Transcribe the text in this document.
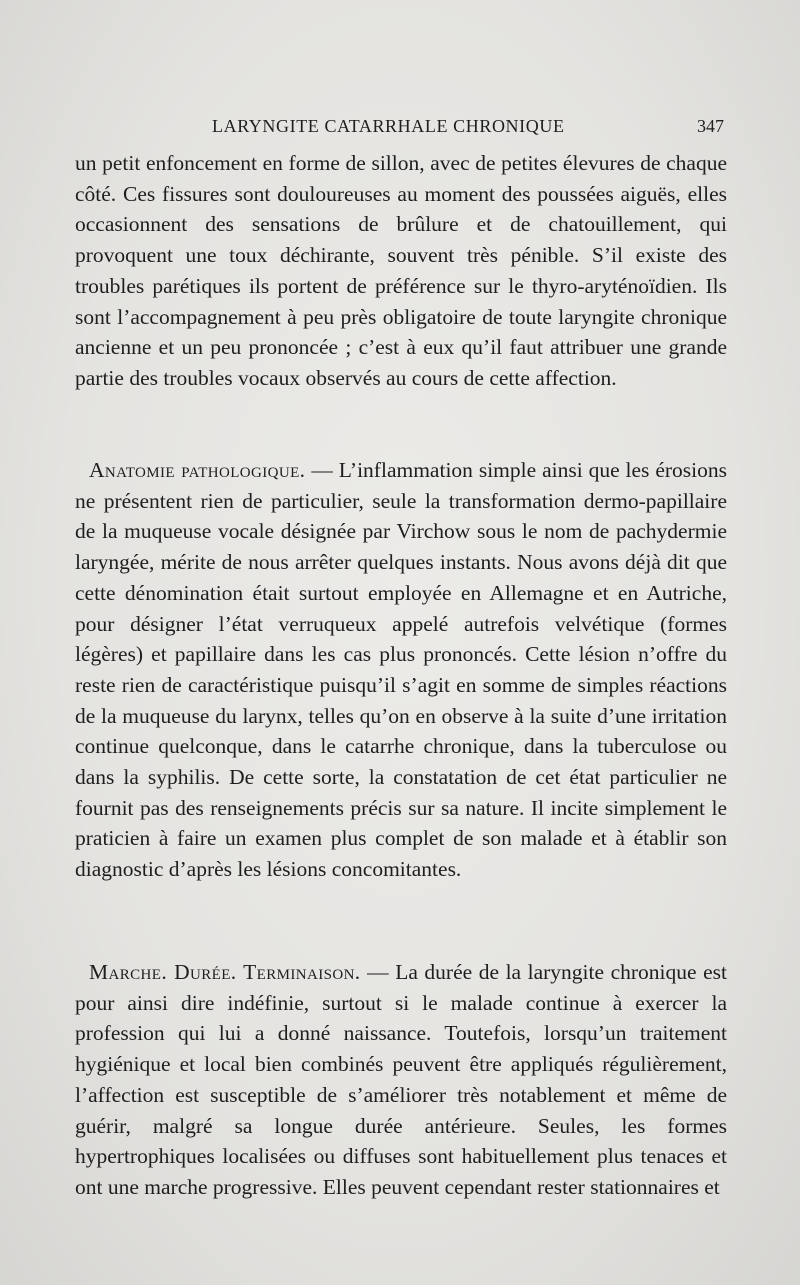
LARYNGITE CATARRHALE CHRONIQUE	347

un petit enfoncement en forme de sillon, avec de petites élevures de chaque côté. Ces fissures sont douloureuses au moment des poussées aiguës, elles occasionnent des sensations de brûlure et de chatouillement, qui provoquent une toux déchirante, souvent très pénible. S’il existe des troubles parétiques ils portent de préférence sur le thyro-aryténoïdien. Ils sont l’accompagnement à peu près obligatoire de toute laryngite chronique ancienne et un peu prononcée ; c’est à eux qu’il faut attribuer une grande partie des troubles vocaux observés au cours de cette affection.

Anatomie pathologique. — L’inflammation simple ainsi que les érosions ne présentent rien de particulier, seule la transformation dermo-papillaire de la muqueuse vocale désignée par Virchow sous le nom de pachydermie laryngée, mérite de nous arrêter quelques instants. Nous avons déjà dit que cette dénomination était surtout employée en Allemagne et en Autriche, pour désigner l’état verruqueux appelé autrefois velvétique (formes légères) et papillaire dans les cas plus prononcés. Cette lésion n’offre du reste rien de caractéristique puisqu’il s’agit en somme de simples réactions de la muqueuse du larynx, telles qu’on en observe à la suite d’une irritation continue quelconque, dans le catarrhe chronique, dans la tuberculose ou dans la syphilis. De cette sorte, la constatation de cet état particulier ne fournit pas des renseignements précis sur sa nature. Il incite simplement le praticien à faire un examen plus complet de son malade et à établir son diagnostic d’après les lésions concomitantes.

Marche. Durée. Terminaison. — La durée de la laryngite chronique est pour ainsi dire indéfinie, surtout si le malade continue à exercer la profession qui lui a donné naissance. Toutefois, lorsqu’un traitement hygiénique et local bien combinés peuvent être appliqués régulièrement, l’affection est susceptible de s’améliorer très notablement et même de guérir, malgré sa longue durée antérieure. Seules, les formes hypertrophiques localisées ou diffuses sont habituellement plus tenaces et ont une marche progressive. Elles peuvent cependant rester stationnaires et
